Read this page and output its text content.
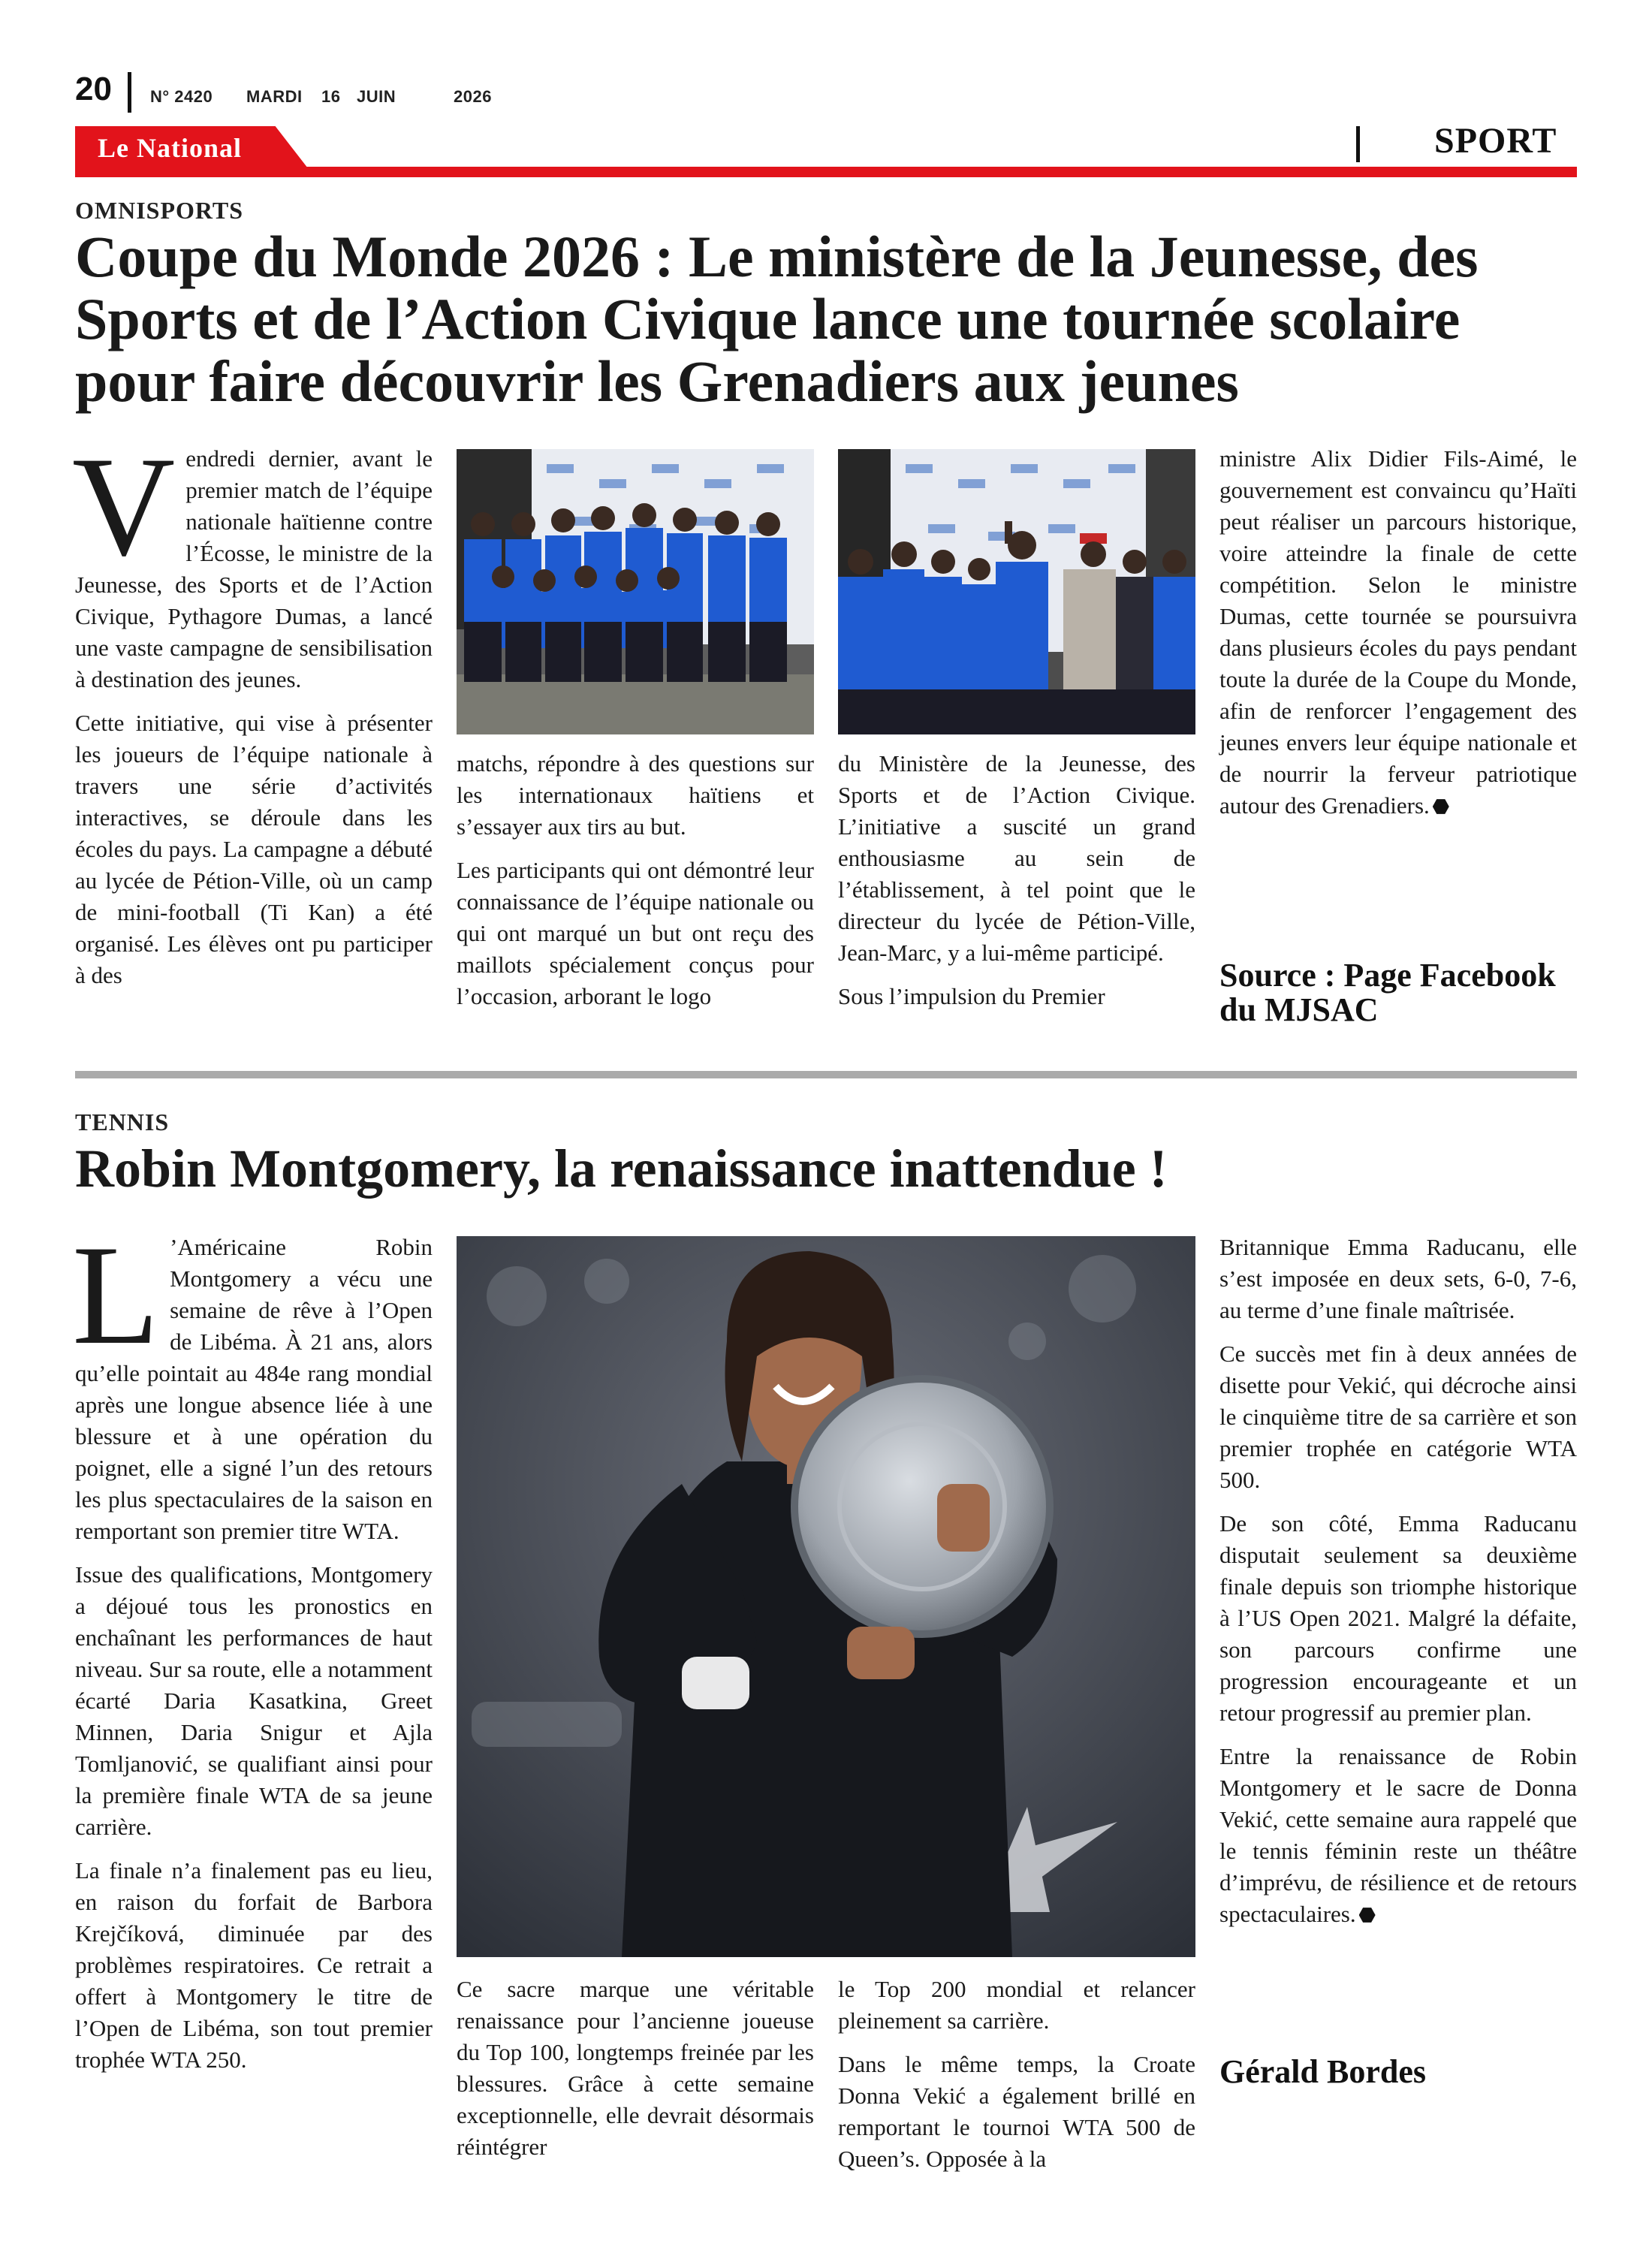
20 N° 2420 MARDI 16 JUIN	2026
Le National	SPORT
OMNISPORTS
Coupe du Monde 2026 : Le ministère de la Jeunesse, des Sports et de l’Action Civique lance une tournée scolaire pour faire découvrir les Grenadiers aux jeunes

Vendredi dernier, avant le premier match de l’équipe nationale haïtienne contre l’Écosse, le ministre de la Jeunesse, des Sports et de l’Action Civique, Pythagore Dumas, a lancé une vaste campagne de sensibilisation à destination des jeunes.

Cette initiative, qui vise à présenter les joueurs de l’équipe nationale à travers une série d’activités interactives, se déroule dans les écoles du pays. La campagne a débuté au lycée de Pétion-Ville, où un camp de mini-football (Ti Kan) a été organisé. Les élèves ont pu participer à des

matchs, répondre à des questions sur les internationaux haïtiens et s’essayer aux tirs au but.

Les participants qui ont démontré leur connaissance de l’équipe nationale ou qui ont marqué un but ont reçu des maillots spécialement conçus pour l’occasion, arborant le logo

du Ministère de la Jeunesse, des Sports et de l’Action Civique. L’initiative a suscité un grand enthousiasme au sein de l’établissement, à tel point que le directeur du lycée de Pétion-Ville, Jean-Marc, y a lui-même participé.

Sous l’impulsion du Premier

ministre Alix Didier Fils-Aimé, le gouvernement est convaincu qu’Haïti peut réaliser un parcours historique, voire atteindre la finale de cette compétition. Selon le ministre Dumas, cette tournée se poursuivra dans plusieurs écoles du pays pendant toute la durée de la Coupe du Monde, afin de renforcer l’engagement des jeunes envers leur équipe nationale et de nourrir la ferveur patriotique autour des Grenadiers.

Source : Page Facebook du MJSAC
TENNIS
Robin Montgomery, la renaissance inattendue !

L ’Américaine Robin Montgomery a vécu une semaine de rêve à l’Open de Libéma. À 21 ans, alors qu’elle pointait au 484e rang mondial après une longue absence liée à une blessure et à une opération du poignet, elle a signé l’un des retours les plus spectaculaires de la saison en remportant son premier titre WTA.

Issue des qualifications, Montgomery a déjoué tous les pronostics en enchaînant les performances de haut niveau. Sur sa route, elle a notamment écarté Daria Kasatkina, Greet Minnen, Daria Snigur et Ajla Tomljanović, se qualifiant ainsi pour la première finale WTA de sa jeune carrière.

La finale n’a finalement pas eu lieu, en raison du forfait de Barbora Krejčíková, diminuée par des problèmes respiratoires. Ce retrait a offert à Montgomery le titre de l’Open de Libéma, son tout premier trophée WTA 250.

Ce sacre marque une véritable renaissance pour l’ancienne joueuse du Top 100, longtemps freinée par les blessures. Grâce à cette semaine exceptionnelle, elle devrait désormais réintégrer

le Top 200 mondial et relancer pleinement sa carrière.

Dans le même temps, la Croate Donna Vekić a également brillé en remportant le tournoi WTA 500 de Queen’s. Opposée à la

Britannique Emma Raducanu, elle s’est imposée en deux sets, 6-0, 7-6, au terme d’une finale maîtrisée.

Ce succès met fin à deux années de disette pour Vekić, qui décroche ainsi le cinquième titre de sa carrière et son premier trophée en catégorie WTA 500.

De son côté, Emma Raducanu disputait seulement sa deuxième finale depuis son triomphe historique à l’US Open 2021. Malgré la défaite, son parcours confirme une progression encourageante et un retour progressif au premier plan.

Entre la renaissance de Robin Montgomery et le sacre de Donna Vekić, cette semaine aura rappelé que le tennis féminin reste un théâtre d’imprévu, de résilience et de retours spectaculaires.

Gérald Bordes
